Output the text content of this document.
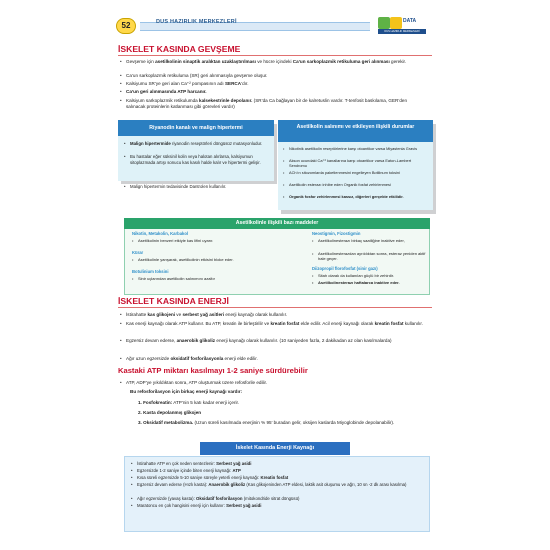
52	DUS HAZIRLIK MERKEZLERİ	DATA
DUS HAZIRLIK MERKEZLERİ
İSKELET KASINDA GEVŞEME
• Gevşeme için asetilkolinin sinaptik aralıktan uzaklaştırılması ve hücre içindeki Ca’un sarkoplazmik retikuluma geri alınması gerekir.
• Ca’un sarkoplazmik retikuluma (SR) geri alınmasıyla gevşeme oluşur.
• Kalsiyumu SR’ye geri alan Ca⁺² pompasının adı SERCA’dır.
• Ca’un geri alınmasında ATP harcanır.
• Kalsiyum sarkoplazmik retikulumda kalsekestrinle depolanır. (SR’da Ca bağlayan bir de kalretuslin vardır. T-tenfosit baskılama, GER’den salınacak proteinlerin katlanması gibi görevleri vardır)
Riyanodin kanalı ve malign hipertermi
• Malign hipertermide riyanodin reseptörleri döngüsüz mutasyonludur.
• Bu hastalar eğer süksinil kolin veya halotan alırlarsa, kalsiyumun sitoplazmada artışı sonucu kas kasılı halde kalır ve hipertermi gelişir.
• Malign hipertermin tedavisinde Dantrolen kullanılır.
Asetilkolin salınımı ve etkileyen ilişkili durumlar
• Nikotinik asetilkolin reseptörlerine karşı otoantikor varsa Miyastenia Gravis
• Akson ucundaki Ca⁺² kanallarına karşı otoantikor varsa Eaton-Lambert Sendromu
• ACh’ın sitozomlarda paketlenmesini engelleyen Botilinum toksini
• Asetilkolin esterazı inhibe eden Organik fosfat zehirlenmesi
• Organik fosfor zehirlenmesi kassız, diğerleri gerçekte etkilidir.
Asetilkolinle ilişkili bazı maddeler
Nikotin, Metakolin, Karbakol
• Asetilkolinin benzeri etkiyle kas lifini uyarır.
Kürar
• Asetilkolinle yarışarak, asetilkolinin etkisini bloke eder.
Botulinium toksini
• Sinir uçlarından asetilkolin salınımını azaltır
Neostigmin, Fizostigmin
• Asetilkolinesterazı birkaç saatliğine inaktive eder,
• Asetilkolinesterazdan ayrıldıktan sonra, esteraz yeniden aktif hale geçer.
Diizopropil florofosfat (sinir gazı)
• Sitah olarak da kullanılan güçlü bir zehirdir.
• Asetilkolinesterazı haftalarca inaktive eder.
İSKELET KASINDA ENERJİ
• İstirahatte kas glikojeni ve serbest yağ asitleri enerji kaynağı olarak kullanılır.
• Kas enerji kaynağı olarak ATP kullanır. Bu ATP, kreatin ile birleştirilir ve kreatin fosfat elde edilir. Acil enerji kaynağı olarak kreatin fosfat kullanılır.
• Egzersiz devam ederse, anaerobik glikoliz enerji kaynağı olarak kullanılır. (10 saniyeden fazla, 2 dakikadan az olan kasılmalarda)
• Ağır uzun egzersizde oksidatif fosforilasyonla enerji elde edilir.
Kastaki ATP miktarı kasılmayı 1-2 saniye sürdürebilir
• ATP, ADP’ye yıkıldıktan sonra, ATP oluşturmak üzere refosforile edilir.
Bu refosforilasyon için birkaç enerji kaynağı vardır:
1. Fosfokreatin: ATP’nin 5 katı kadar enerji içerir.
2. Kasta depolanmış glikojen
3. Oksidatif metabolizma. (Uzun süreli kasılmada enerjinin % 95’ buradan gelir, oksijen kaslarda Miyoglobinde depolanabilir).
İskelet Kasında Enerji Kaynağı
• İstirahatte ATP en çok neden sentezlenir: Serbest yağ asidi
• Egzersizde 1-2 saniye içinde biten enerji kaynağı: ATP
• Kısa süreli egzersizde 5-10 saniye süreyle yeterli enerji kaynağı: Kreatin fosfat
• Egzersiz devam ederse (Hızlı kasta): Anaerobik glikoliz (Kas glikojeninden ATP eldesi, laktik asit oluşumu ve ağrı, 10 sn -2 dk arası kasılma)
• Ağır egzersizde (yavaş kasta): Oksidatif fosforilasyon (mitokondride sitrat döngüsü)
• Maratoncu en çok hangisini enerji için kullanır: Serbest yağ asidi
